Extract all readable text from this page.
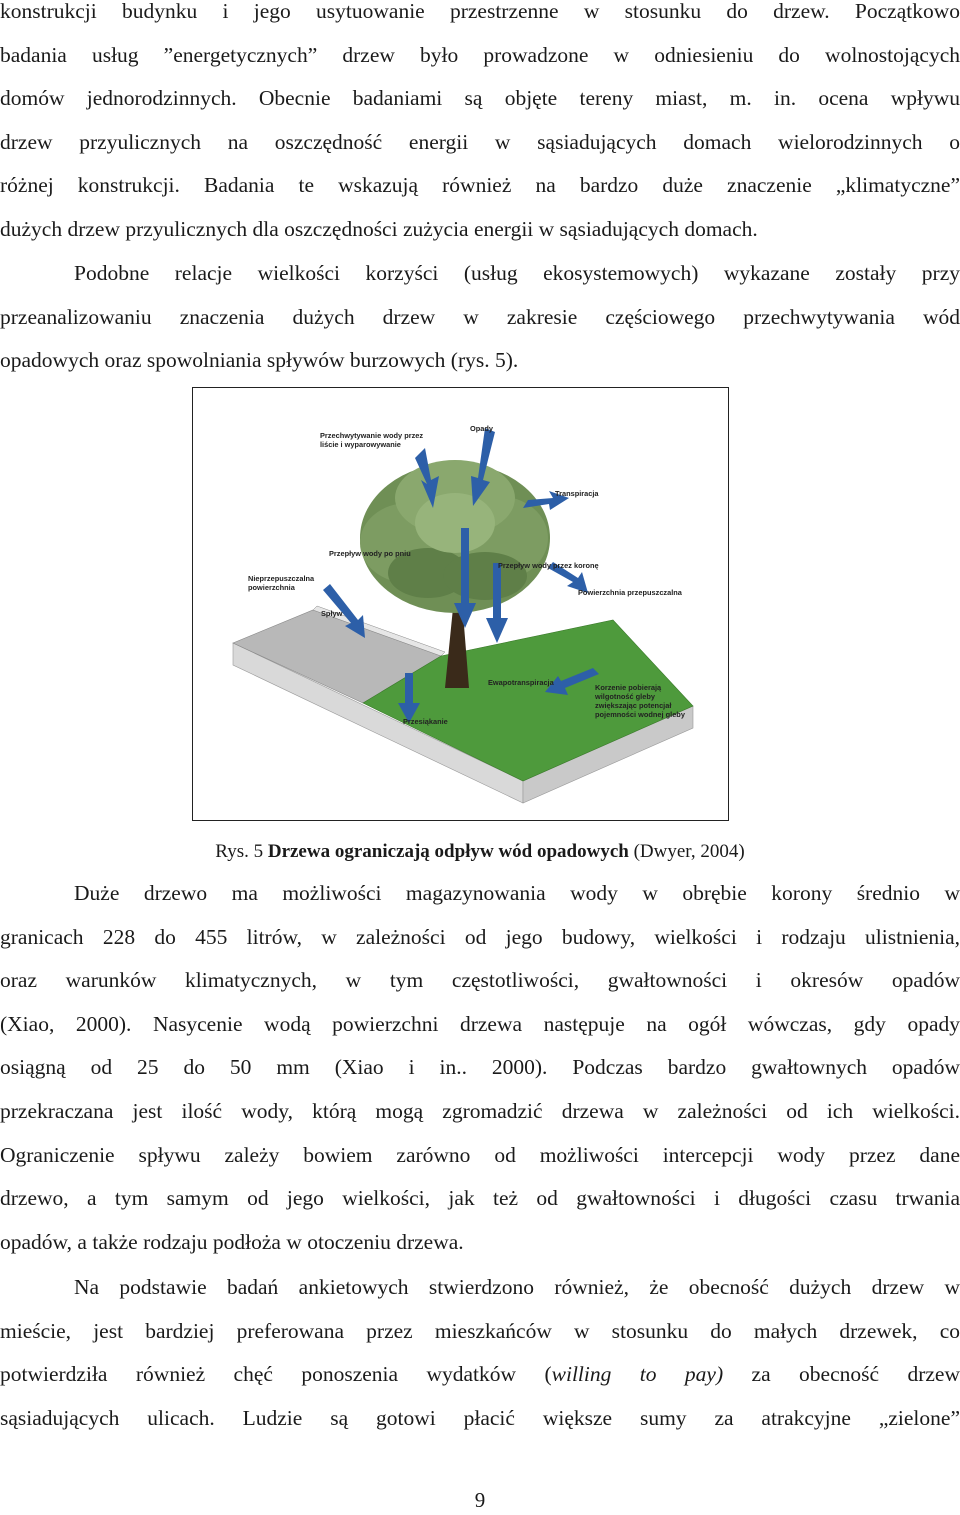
konstrukcji budynku i jego usytuowanie przestrzenne w stosunku do drzew. Początkowo

badania usług ”energetycznych” drzew było prowadzone w odniesieniu do wolnostojących

domów jednorodzinnych. Obecnie badaniami są objęte tereny miast, m. in. ocena wpływu

drzew przyulicznych na oszczędność energii w sąsiadujących domach wielorodzinnych o

różnej konstrukcji. Badania te wskazują również na bardzo duże znaczenie „klimatyczne”

dużych drzew przyulicznych dla oszczędności zużycia energii w sąsiadujących domach.

Podobne relacje wielkości korzyści (usług ekosystemowych) wykazane zostały przy

przeanalizowaniu znaczenia dużych drzew w zakresie częściowego przechwytywania wód

opadowych oraz spowolniania spływów burzowych (rys. 5).

Przechwytywanie wody przez
liście i wyparowywanie
Opady
Transpiracja
Przepływ wody po pniu
Przepływ wody przez koronę
Nieprzepuszczalna
powierzchnia
Powierzchnia przepuszczalna
Spływ
Ewapotranspiracja
Przesiąkanie
Korzenie pobierają
wilgotność gleby
zwiększając potencjał
pojemności wodnej gleby
Rys. 5 Drzewa ograniczają odpływ wód opadowych (Dwyer, 2004)

Duże drzewo ma możliwości magazynowania wody w obrębie korony średnio w

granicach 228 do 455 litrów, w zależności od jego budowy, wielkości i rodzaju ulistnienia,

oraz warunków klimatycznych, w tym częstotliwości, gwałtowności i okresów opadów

(Xiao, 2000). Nasycenie wodą powierzchni drzewa następuje na ogół wówczas, gdy opady

osiągną od 25 do 50 mm (Xiao i in.. 2000). Podczas bardzo gwałtownych opadów

przekraczana jest ilość wody, którą mogą zgromadzić drzewa w zależności od ich wielkości.

Ograniczenie spływu zależy bowiem zarówno od możliwości intercepcji wody przez dane

drzewo, a tym samym od jego wielkości, jak też od gwałtowności i długości czasu trwania

opadów, a także rodzaju podłoża w otoczeniu drzewa.

Na podstawie badań ankietowych stwierdzono również, że obecność dużych drzew w

mieście, jest bardziej preferowana przez mieszkańców w stosunku do małych drzewek, co

potwierdziła również chęć ponoszenia wydatków (willing to pay) za obecność drzew

sąsiadujących ulicach. Ludzie są gotowi płacić większe sumy za atrakcyjne „zielone”

9
